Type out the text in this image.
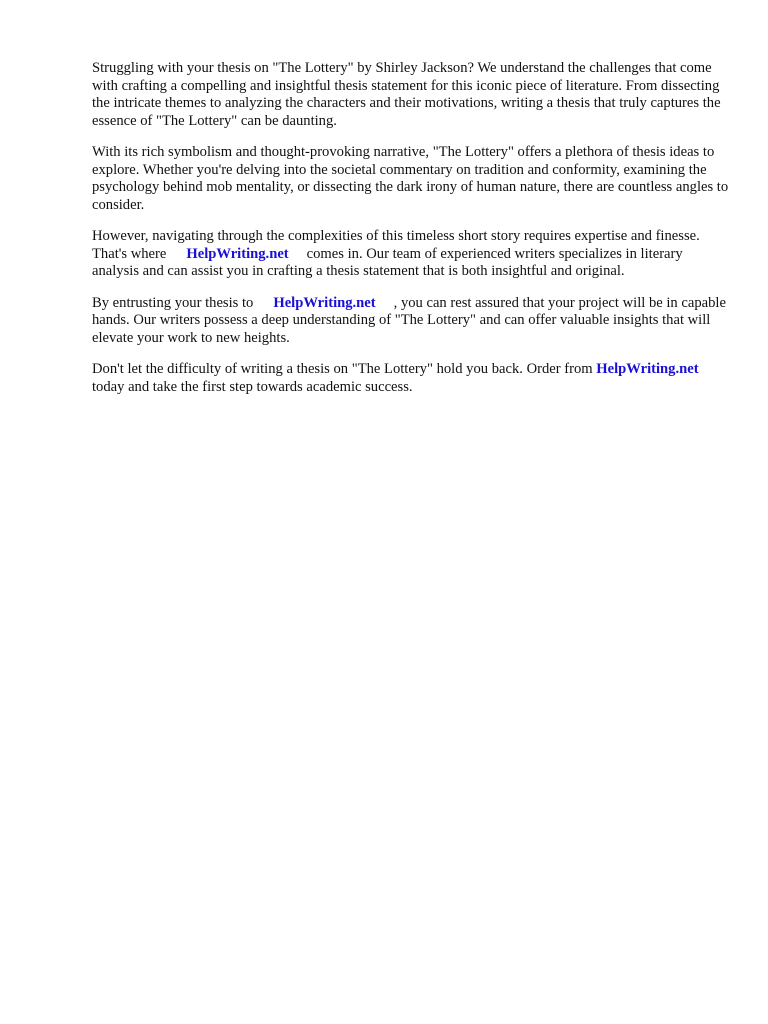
Struggling with your thesis on "The Lottery" by Shirley Jackson? We understand the challenges that come with crafting a compelling and insightful thesis statement for this iconic piece of literature. From dissecting the intricate themes to analyzing the characters and their motivations, writing a thesis that truly captures the essence of "The Lottery" can be daunting.

With its rich symbolism and thought-provoking narrative, "The Lottery" offers a plethora of thesis ideas to explore. Whether you're delving into the societal commentary on tradition and conformity, examining the psychology behind mob mentality, or dissecting the dark irony of human nature, there are countless angles to consider.

However, navigating through the complexities of this timeless short story requires expertise and finesse. That's where HelpWriting.net comes in. Our team of experienced writers specializes in literary analysis and can assist you in crafting a thesis statement that is both insightful and original.

By entrusting your thesis to HelpWriting.net , you can rest assured that your project will be in capable hands. Our writers possess a deep understanding of "The Lottery" and can offer valuable insights that will elevate your work to new heights.

Don't let the difficulty of writing a thesis on "The Lottery" hold you back. Order from HelpWriting.nettoday and take the first step towards academic success.
